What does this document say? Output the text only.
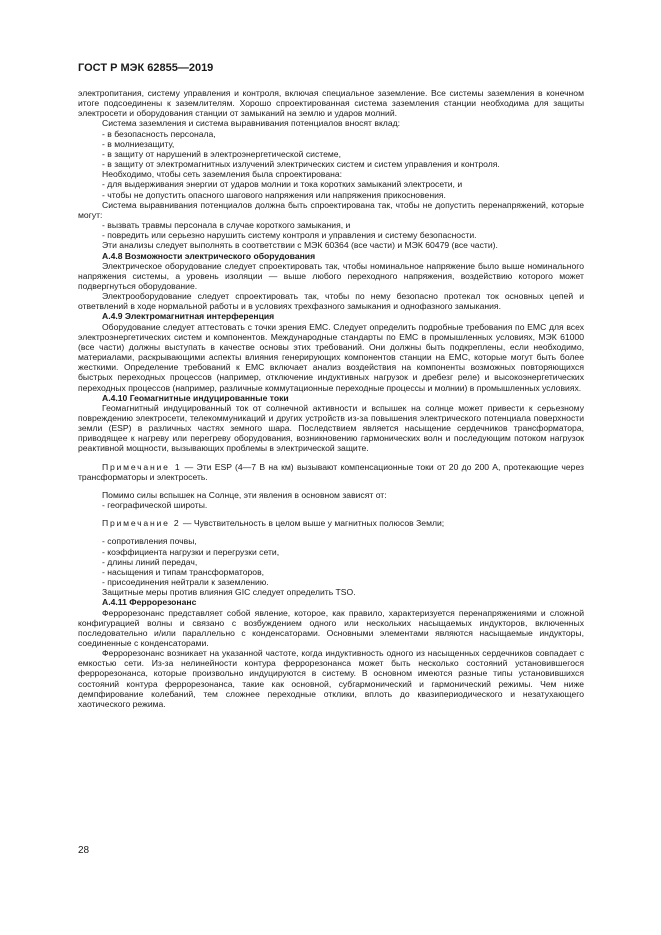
ГОСТ Р МЭК 62855—2019

электропитания, систему управления и контроля, включая специальное заземление. Все системы заземления в конечном итоге подсоединены к заземлителям. Хорошо спроектированная система заземления станции необходима для защиты электросети и оборудования станции от замыканий на землю и ударов молний.

Система заземления и система выравнивания потенциалов вносят вклад:

- в безопасность персонала,

- в молниезащиту,

- в защиту от нарушений в электроэнергетической системе,

- в защиту от электромагнитных излучений электрических систем и систем управления и контроля.

Необходимо, чтобы сеть заземления была спроектирована:

- для выдерживания энергии от ударов молнии и тока коротких замыканий электросети, и

- чтобы не допустить опасного шагового напряжения или напряжения прикосновения.

Система выравнивания потенциалов должна быть спроектирована так, чтобы не допустить перенапряжений, которые могут:

- вызвать травмы персонала в случае короткого замыкания, и

- повредить или серьезно нарушить систему контроля и управления и систему безопасности.

Эти анализы следует выполнять в соответствии с МЭК 60364 (все части) и МЭК 60479 (все части).

А.4.8 Возможности электрического оборудования

Электрическое оборудование следует спроектировать так, чтобы номинальное напряжение было выше номинального напряжения системы, а уровень изоляции — выше любого переходного напряжения, воздействию которого может подвергнуться оборудование.

Электрооборудование следует спроектировать так, чтобы по нему безопасно протекал ток основных цепей и ответвлений в ходе нормальной работы и в условиях трехфазного замыкания и однофазного замыкания.

А.4.9 Электромагнитная интерференция

Оборудование следует аттестовать с точки зрения ЕМС. Следует определить подробные требования по ЕМС для всех электроэнергетических систем и компонентов. Международные стандарты по ЕМС в промышленных условиях, МЭК 61000 (все части) должны выступать в качестве основы этих требований. Они должны быть подкреплены, если необходимо, материалами, раскрывающими аспекты влияния генерирующих компонентов станции на ЕМС, которые могут быть более жесткими. Определение требований к ЕМС включает анализ воздействия на компоненты возможных повторяющихся быстрых переходных процессов (например, отключение индуктивных нагрузок и дребезг реле) и высокоэнергетических переходных процессов (например, различные коммутационные переходные процессы и молнии) в промышленных условиях.

А.4.10 Геомагнитные индуцированные токи

Геомагнитный индуцированный ток от солнечной активности и вспышек на солнце может привести к серьезному повреждению электросети, телекоммуникаций и других устройств из-за повышения электрического потенциала поверхности земли (ESP) в различных частях земного шара. Последствием является насыщение сердечников трансформатора, приводящее к нагреву или перегреву оборудования, возникновению гармонических волн и последующим потоком нагрузок реактивной мощности, вызывающих проблемы в электрической защите.

Примечание 1 — Эти ESP (4—7 В на км) вызывают компенсационные токи от 20 до 200 А, протекающие через трансформаторы и электросеть.

Помимо силы вспышек на Солнце, эти явления в основном зависят от:

- географической широты.

Примечание 2 — Чувствительность в целом выше у магнитных полюсов Земли;

- сопротивления почвы,

- коэффициента нагрузки и перегрузки сети,

- длины линий передач,

- насыщения и типам трансформаторов,

- присоединения нейтрали к заземлению.

Защитные меры против влияния GIC следует определить TSO.

А.4.11 Феррорезонанс

Феррорезонанс представляет собой явление, которое, как правило, характеризуется перенапряжениями и сложной конфигурацией волны и связано с возбуждением одного или нескольких насыщаемых индукторов, включенных последовательно и/или параллельно с конденсаторами. Основными элементами являются насыщаемые индукторы, соединенные с конденсаторами.

Феррорезонанс возникает на указанной частоте, когда индуктивность одного из насыщенных сердечников совпадает с емкостью сети. Из-за нелинейности контура феррорезонанса может быть несколько состояний установившегося феррорезонанса, которые произвольно индуцируются в систему. В основном имеются разные типы установившихся состояний контура феррорезонанса, такие как основной, субгармонический и гармонический режимы. Чем ниже демпфирование колебаний, тем сложнее переходные отклики, вплоть до квазипериодического и незатухающего хаотического режима.

28
